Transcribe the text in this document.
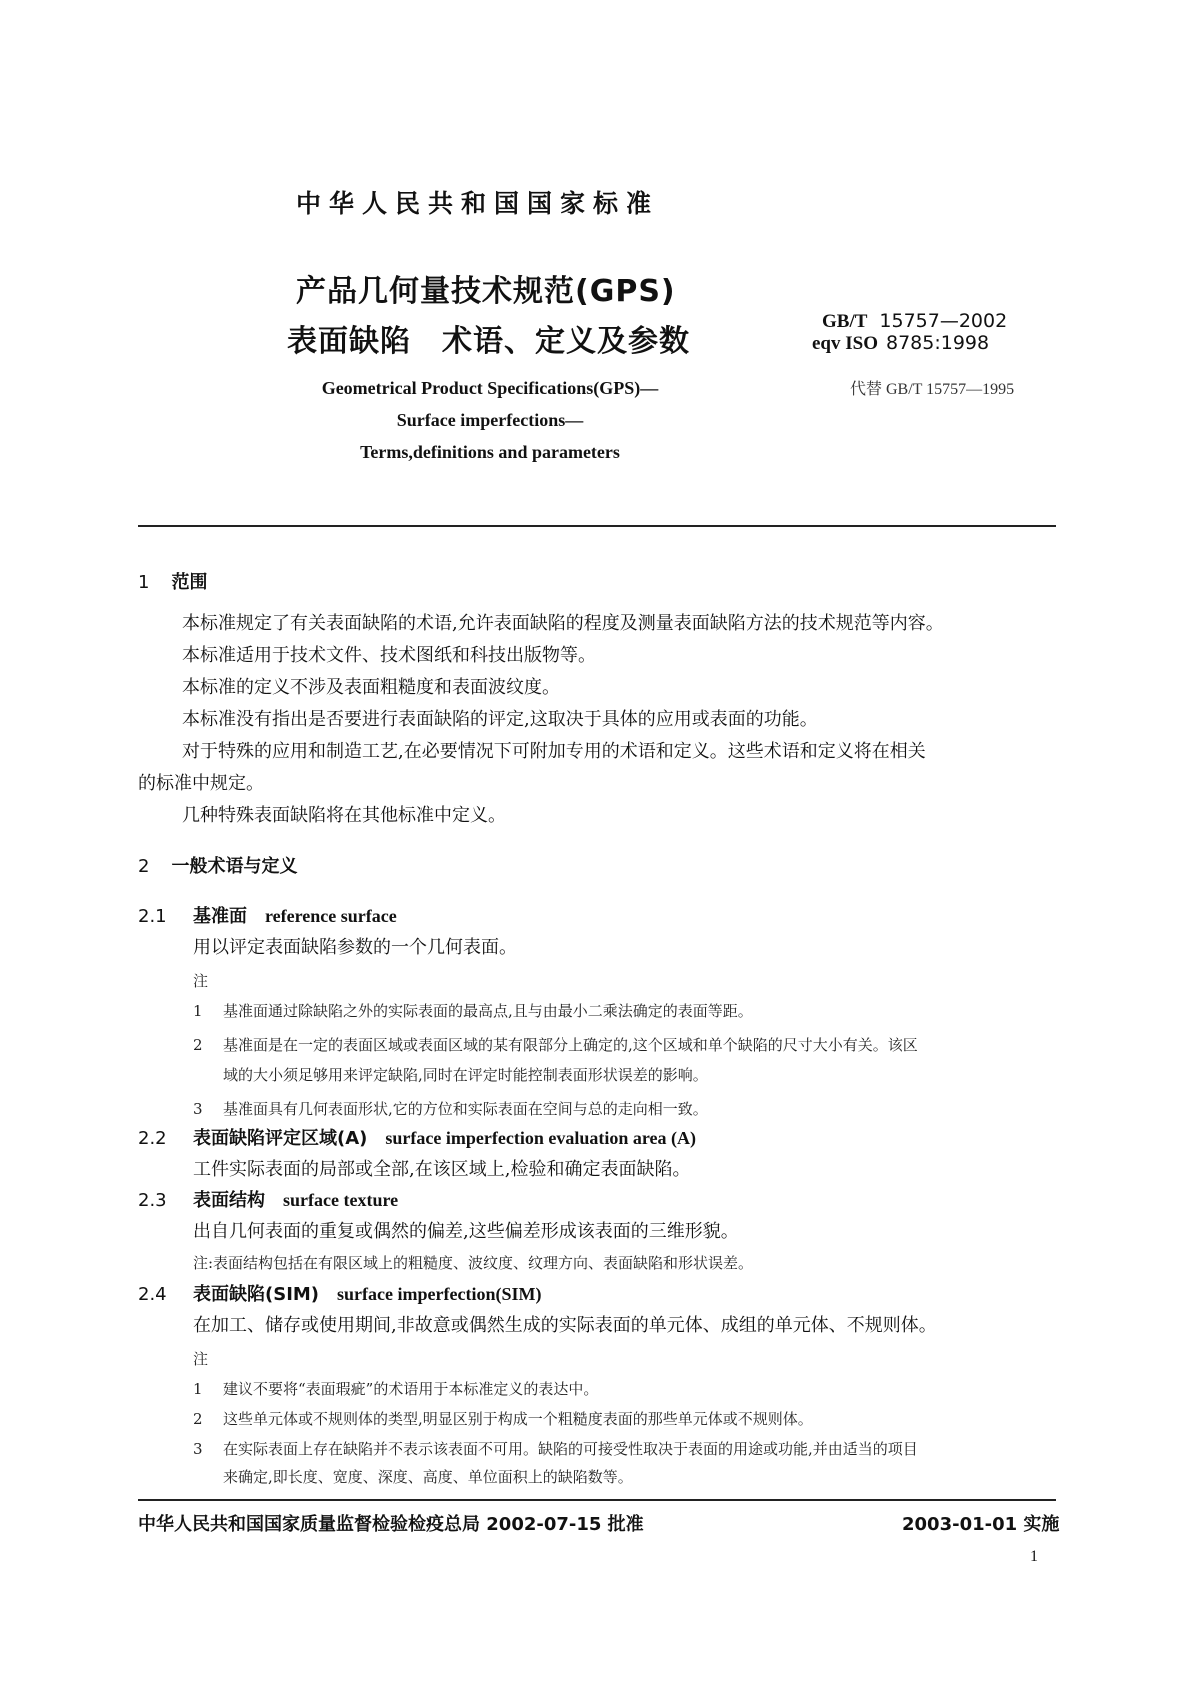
中华人民共和国国家标准
产品几何量技术规范(GPS)
表面缺陷　术语、定义及参数
Geometrical Product Specifications(GPS)—
Surface imperfections—
Terms,definitions and parameters
GB/T 15757—2002
eqv ISO 8785:1998
代替 GB/T 15757—1995
1 范围
本标准规定了有关表面缺陷的术语,允许表面缺陷的程度及测量表面缺陷方法的技术规范等内容。
本标准适用于技术文件、技术图纸和科技出版物等。
本标准的定义不涉及表面粗糙度和表面波纹度。
本标准没有指出是否要进行表面缺陷的评定,这取决于具体的应用或表面的功能。
对于特殊的应用和制造工艺,在必要情况下可附加专用的术语和定义。这些术语和定义将在相关
的标准中规定。
几种特殊表面缺陷将在其他标准中定义。
2 一般术语与定义
2.1 基准面 reference surface
用以评定表面缺陷参数的一个几何表面。
注
1 基准面通过除缺陷之外的实际表面的最高点,且与由最小二乘法确定的表面等距。
2 基准面是在一定的表面区域或表面区域的某有限部分上确定的,这个区域和单个缺陷的尺寸大小有关。该区
域的大小须足够用来评定缺陷,同时在评定时能控制表面形状误差的影响。
3 基准面具有几何表面形状,它的方位和实际表面在空间与总的走向相一致。
2.2 表面缺陷评定区域(A) surface imperfection evaluation area (A)
工件实际表面的局部或全部,在该区域上,检验和确定表面缺陷。
2.3 表面结构 surface texture
出自几何表面的重复或偶然的偏差,这些偏差形成该表面的三维形貌。
注:表面结构包括在有限区域上的粗糙度、波纹度、纹理方向、表面缺陷和形状误差。
2.4 表面缺陷(SIM) surface imperfection(SIM)
在加工、储存或使用期间,非故意或偶然生成的实际表面的单元体、成组的单元体、不规则体。
注
1 建议不要将“表面瑕疵”的术语用于本标准定义的表达中。
2 这些单元体或不规则体的类型,明显区别于构成一个粗糙度表面的那些单元体或不规则体。
3 在实际表面上存在缺陷并不表示该表面不可用。缺陷的可接受性取决于表面的用途或功能,并由适当的项目
来确定,即长度、宽度、深度、高度、单位面积上的缺陷数等。
中华人民共和国国家质量监督检验检疫总局 2002-07-15 批准	2003-01-01 实施
1
